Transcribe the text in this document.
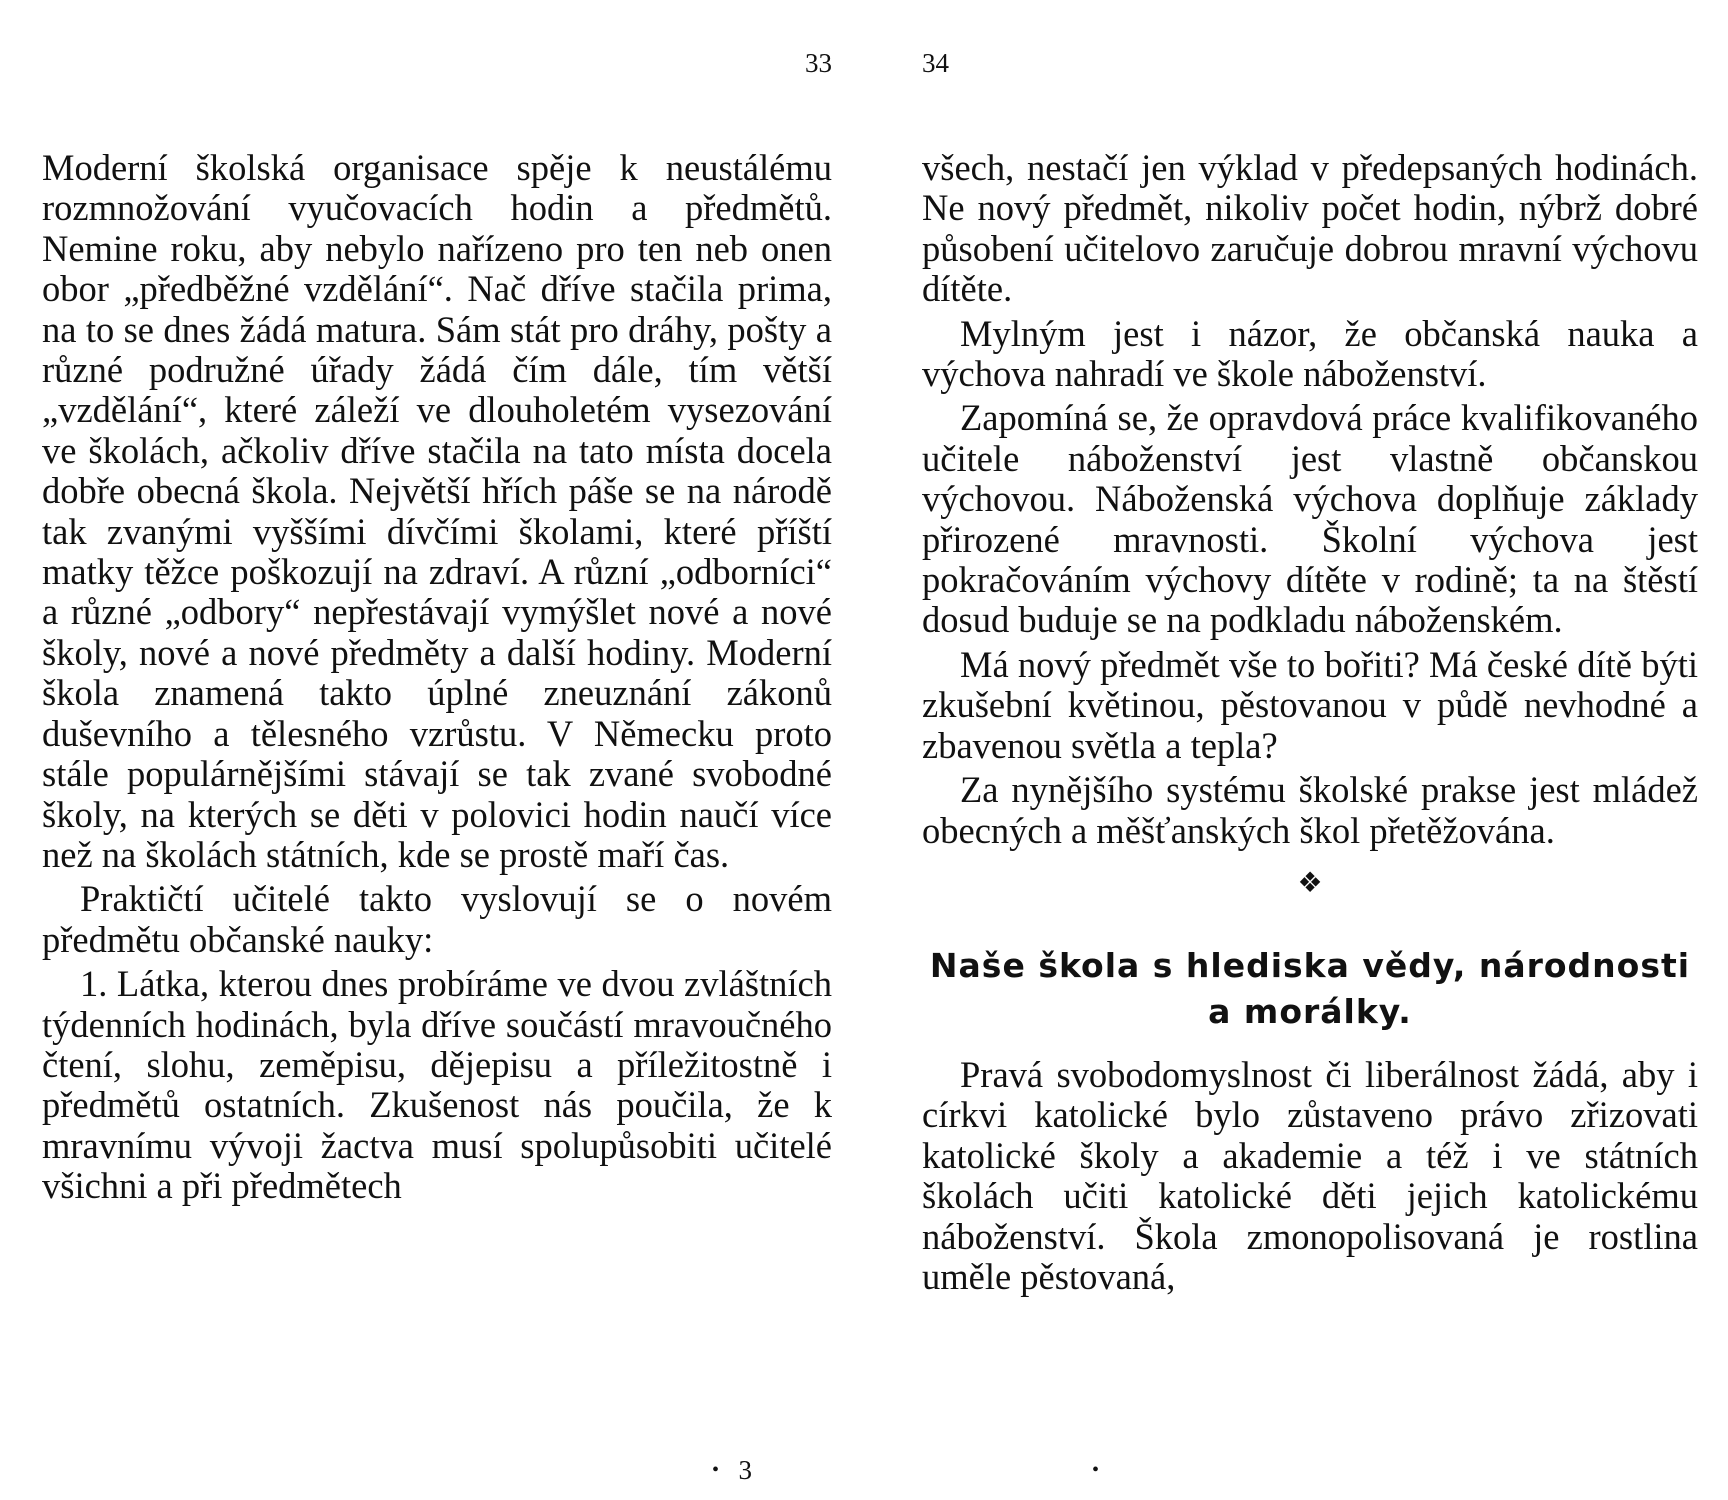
33

Moderní školská organisace spěje k neustálému rozmnožování vyučovacích hodin a předmětů. Nemine roku, aby nebylo nařízeno pro ten neb onen obor „předběžné vzdělání“. Nač dříve stačila prima, na to se dnes žádá matura. Sám stát pro dráhy, pošty a různé podružné úřady žádá čím dále, tím větší „vzdělání“, které záleží ve dlouholetém vysezování ve školách, ačkoliv dříve stačila na tato místa docela dobře obecná škola. Největší hřích páše se na národě tak zvanými vyššími dívčími školami, které příští matky těžce poškozují na zdraví. A různí „odborníci“ a různé „odbory“ nepřestávají vymýšlet nové a nové školy, nové a nové předměty a další hodiny. Moderní škola znamená takto úplné zneuznání zákonů duševního a tělesného vzrůstu. V Německu proto stále populárnějšími stávají se tak zvané svobodné školy, na kterých se děti v polovici hodin naučí více než na školách státních, kde se prostě maří čas.

Praktičtí učitelé takto vyslovují se o novém předmětu občanské nauky:

1. Látka, kterou dnes probíráme ve dvou zvláštních týdenních hodinách, byla dříve součástí mravoučného čtení, slohu, zeměpisu, dějepisu a příležitostně i předmětů ostatních. Zkušenost nás poučila, že k mravnímu vývoji žactva musí spolupůsobiti učitelé všichni a při předmětech

• 3
34

všech, nestačí jen výklad v předepsaných hodinách. Ne nový předmět, nikoliv počet hodin, nýbrž dobré působení učitelovo zaručuje dobrou mravní výchovu dítěte.

Mylným jest i názor, že občanská nauka a výchova nahradí ve škole náboženství.

Zapomíná se, že opravdová práce kvalifikovaného učitele náboženství jest vlastně občanskou výchovou. Náboženská výchova doplňuje základy přirozené mravnosti. Školní výchova jest pokračováním výchovy dítěte v rodině; ta na štěstí dosud buduje se na podkladu náboženském.

Má nový předmět vše to bořiti? Má české dítě býti zkušební květinou, pěstovanou v půdě nevhodné a zbavenou světla a tepla?

Za nynějšího systému školské prakse jest mládež obecných a měšťanských škol přetěžována.

❖
Naše škola s hlediska vědy, národnosti a morálky.

Pravá svobodomyslnost či liberálnost žádá, aby i církvi katolické bylo zůstaveno právo zřizovati katolické školy a akademie a též i ve státních školách učiti katolické děti jejich katolickému náboženství. Škola zmonopolisovaná je rostlina uměle pěstovaná,

•
